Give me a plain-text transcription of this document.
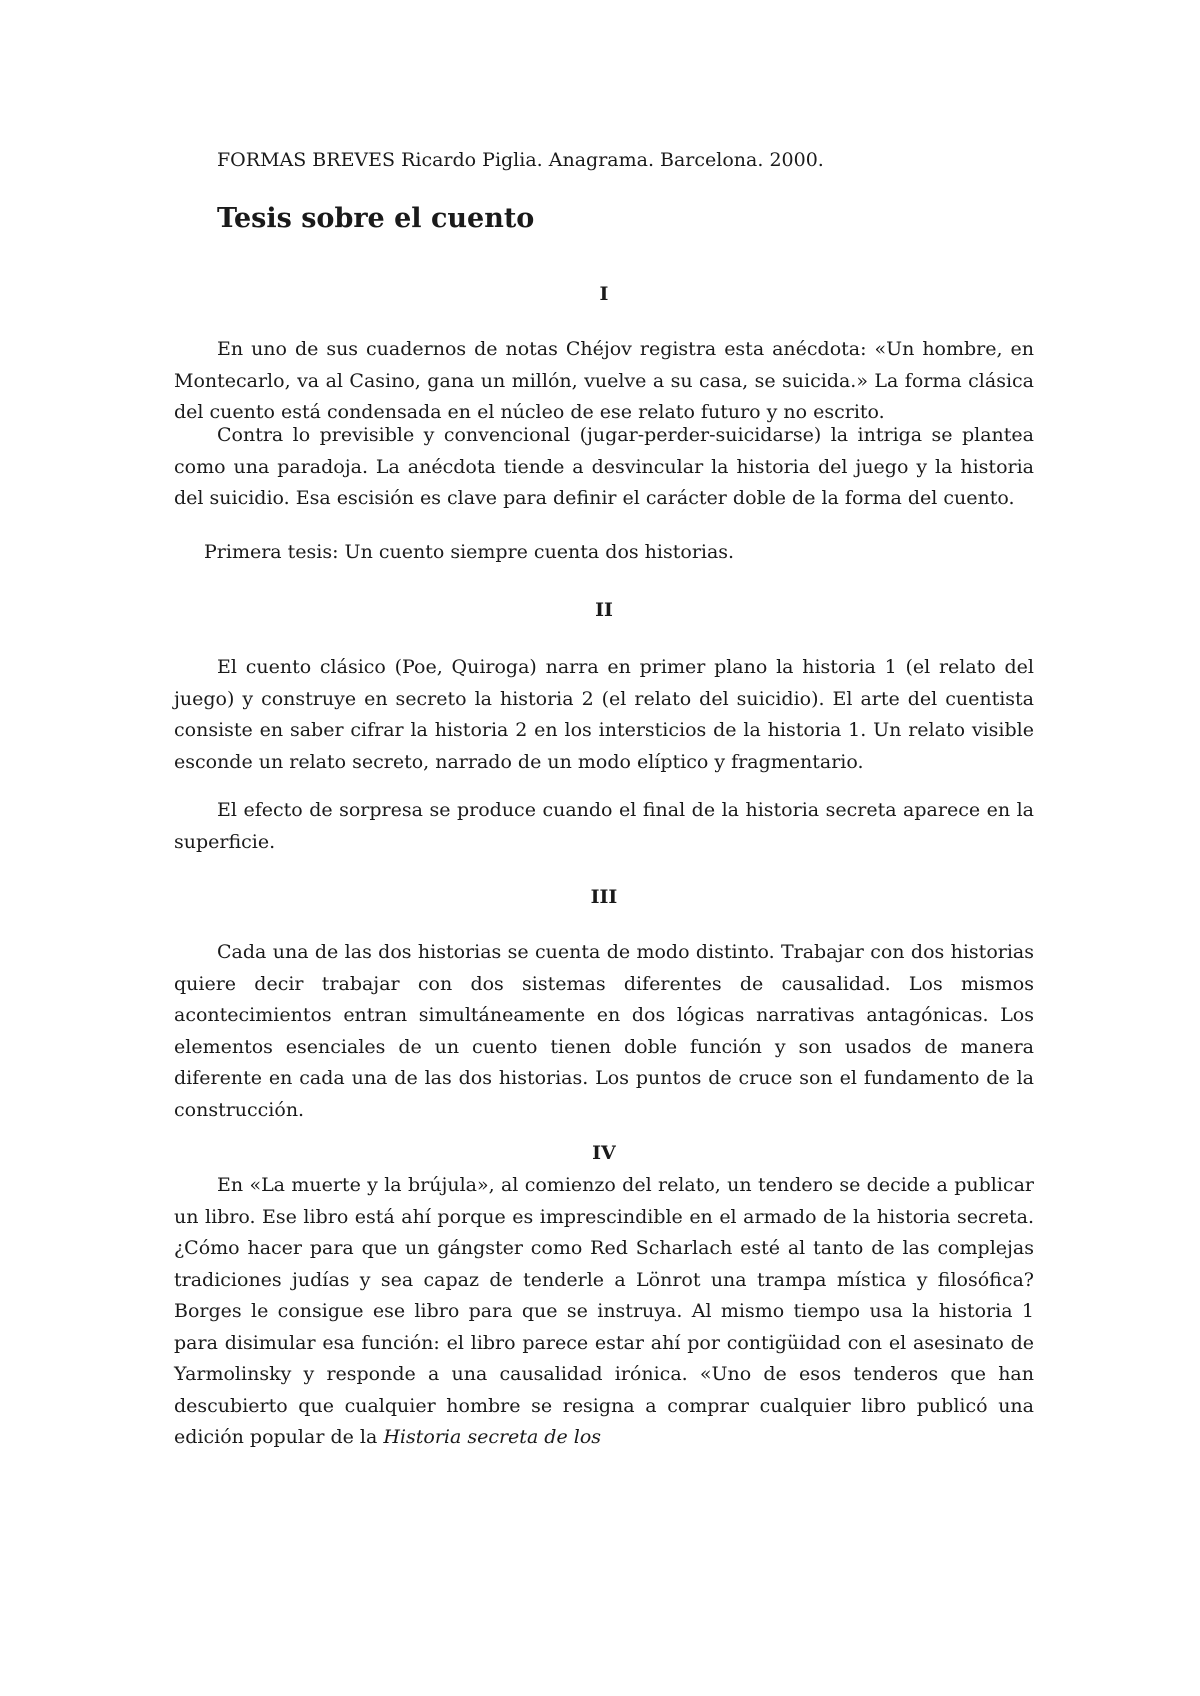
FORMAS BREVES Ricardo Piglia. Anagrama. Barcelona. 2000.

Tesis sobre el cuento
I

En uno de sus cuadernos de notas Chéjov registra esta anécdota: «Un hombre, en Montecarlo, va al Casino, gana un millón, vuelve a su casa, se suicida.» La forma clásica del cuento está condensada en el núcleo de ese relato futuro y no escrito.

Contra lo previsible y convencional (jugar-perder-suicidarse) la intriga se plantea como una paradoja. La anécdota tiende a desvincular la historia del juego y la historia del suicidio. Esa escisión es clave para definir el carácter doble de la forma del cuento.

Primera tesis: Un cuento siempre cuenta dos historias.

II

El cuento clásico (Poe, Quiroga) narra en primer plano la historia 1 (el relato del juego) y construye en secreto la historia 2 (el relato del suicidio). El arte del cuentista consiste en saber cifrar la historia 2 en los intersticios de la historia 1. Un relato visible esconde un relato secreto, narrado de un modo elíptico y fragmentario.

El efecto de sorpresa se produce cuando el final de la historia secreta aparece en la superficie.

III

Cada una de las dos historias se cuenta de modo distinto. Trabajar con dos historias quiere decir trabajar con dos sistemas diferentes de causalidad. Los mismos acontecimientos entran simultáneamente en dos lógicas narrativas antagónicas. Los elementos esenciales de un cuento tienen doble función y son usados de manera diferente en cada una de las dos historias. Los puntos de cruce son el fundamento de la construcción.

IV

En «La muerte y la brújula», al comienzo del relato, un tendero se decide a publicar un libro. Ese libro está ahí porque es imprescindible en el armado de la historia secreta. ¿Cómo hacer para que un gángster como Red Scharlach esté al tanto de las complejas tradiciones judías y sea capaz de tenderle a Lönrot una trampa mística y filosófica? Borges le consigue ese libro para que se instruya. Al mismo tiempo usa la historia 1 para disimular esa función: el libro parece estar ahí por contigüidad con el asesinato de Yarmolinsky y responde a una causalidad irónica. «Uno de esos tenderos que han descubierto que cualquier hombre se resigna a comprar cualquier libro publicó una edición popular de la Historia secreta de los
